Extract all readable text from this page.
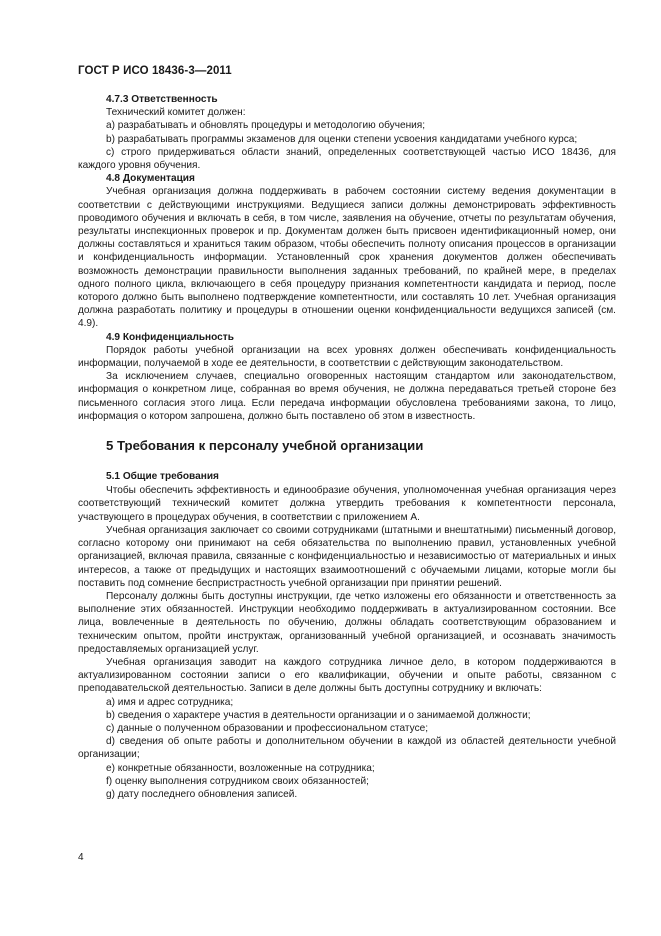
ГОСТ Р ИСО 18436-3—2011

4.7.3 Ответственность

Технический комитет должен:

а) разрабатывать и обновлять процедуры и методологию обучения;

b) разрабатывать программы экзаменов для оценки степени усвоения кандидатами учебного курса;

с) строго придерживаться области знаний, определенных соответствующей частью ИСО 18436, для каждого уровня обучения.

4.8 Документация

Учебная организация должна поддерживать в рабочем состоянии систему ведения документации в соответствии с действующими инструкциями. Ведущиеся записи должны демонстрировать эффективность проводимого обучения и включать в себя, в том числе, заявления на обучение, отчеты по результатам обучения, результаты инспекционных проверок и пр. Документам должен быть присвоен идентификационный номер, они должны составляться и храниться таким образом, чтобы обеспечить полноту описания процессов в организации и конфиденциальность информации. Установленный срок хранения документов должен обеспечивать возможность демонстрации правильности выполнения заданных требований, по крайней мере, в пределах одного полного цикла, включающего в себя процедуру признания компетентности кандидата и период, после которого должно быть выполнено подтверждение компетентности, или составлять 10 лет. Учебная организация должна разработать политику и процедуры в отношении оценки конфиденциальности ведущихся записей (см. 4.9).

4.9 Конфиденциальность

Порядок работы учебной организации на всех уровнях должен обеспечивать конфиденциальность информации, получаемой в ходе ее деятельности, в соответствии с действующим законодательством.

За исключением случаев, специально оговоренных настоящим стандартом или законодательством, информация о конкретном лице, собранная во время обучения, не должна передаваться третьей стороне без письменного согласия этого лица. Если передача информации обусловлена требованиями закона, то лицо, информация о котором запрошена, должно быть поставлено об этом в известность.

5 Требования к персоналу учебной организации

5.1 Общие требования

Чтобы обеспечить эффективность и единообразие обучения, уполномоченная учебная организация через соответствующий технический комитет должна утвердить требования к компетентности персонала, участвующего в процедурах обучения, в соответствии с приложением А.

Учебная организация заключает со своими сотрудниками (штатными и внештатными) письменный договор, согласно которому они принимают на себя обязательства по выполнению правил, установленных учебной организацией, включая правила, связанные с конфиденциальностью и независимостью от материальных и иных интересов, а также от предыдущих и настоящих взаимоотношений с обучаемыми лицами, которые могли бы поставить под сомнение беспристрастность учебной организации при принятии решений.

Персоналу должны быть доступны инструкции, где четко изложены его обязанности и ответственность за выполнение этих обязанностей. Инструкции необходимо поддерживать в актуализированном состоянии. Все лица, вовлеченные в деятельность по обучению, должны обладать соответствующим образованием и техническим опытом, пройти инструктаж, организованный учебной организацией, и осознавать значимость предоставляемых организацией услуг.

Учебная организация заводит на каждого сотрудника личное дело, в котором поддерживаются в актуализированном состоянии записи о его квалификации, обучении и опыте работы, связанном с преподавательской деятельностью. Записи в деле должны быть доступны сотруднику и включать:

а) имя и адрес сотрудника;

b) сведения о характере участия в деятельности организации и о занимаемой должности;

с) данные о полученном образовании и профессиональном статусе;

d) сведения об опыте работы и дополнительном обучении в каждой из областей деятельности учебной организации;

е) конкретные обязанности, возложенные на сотрудника;

f) оценку выполнения сотрудником своих обязанностей;

g) дату последнего обновления записей.

4
